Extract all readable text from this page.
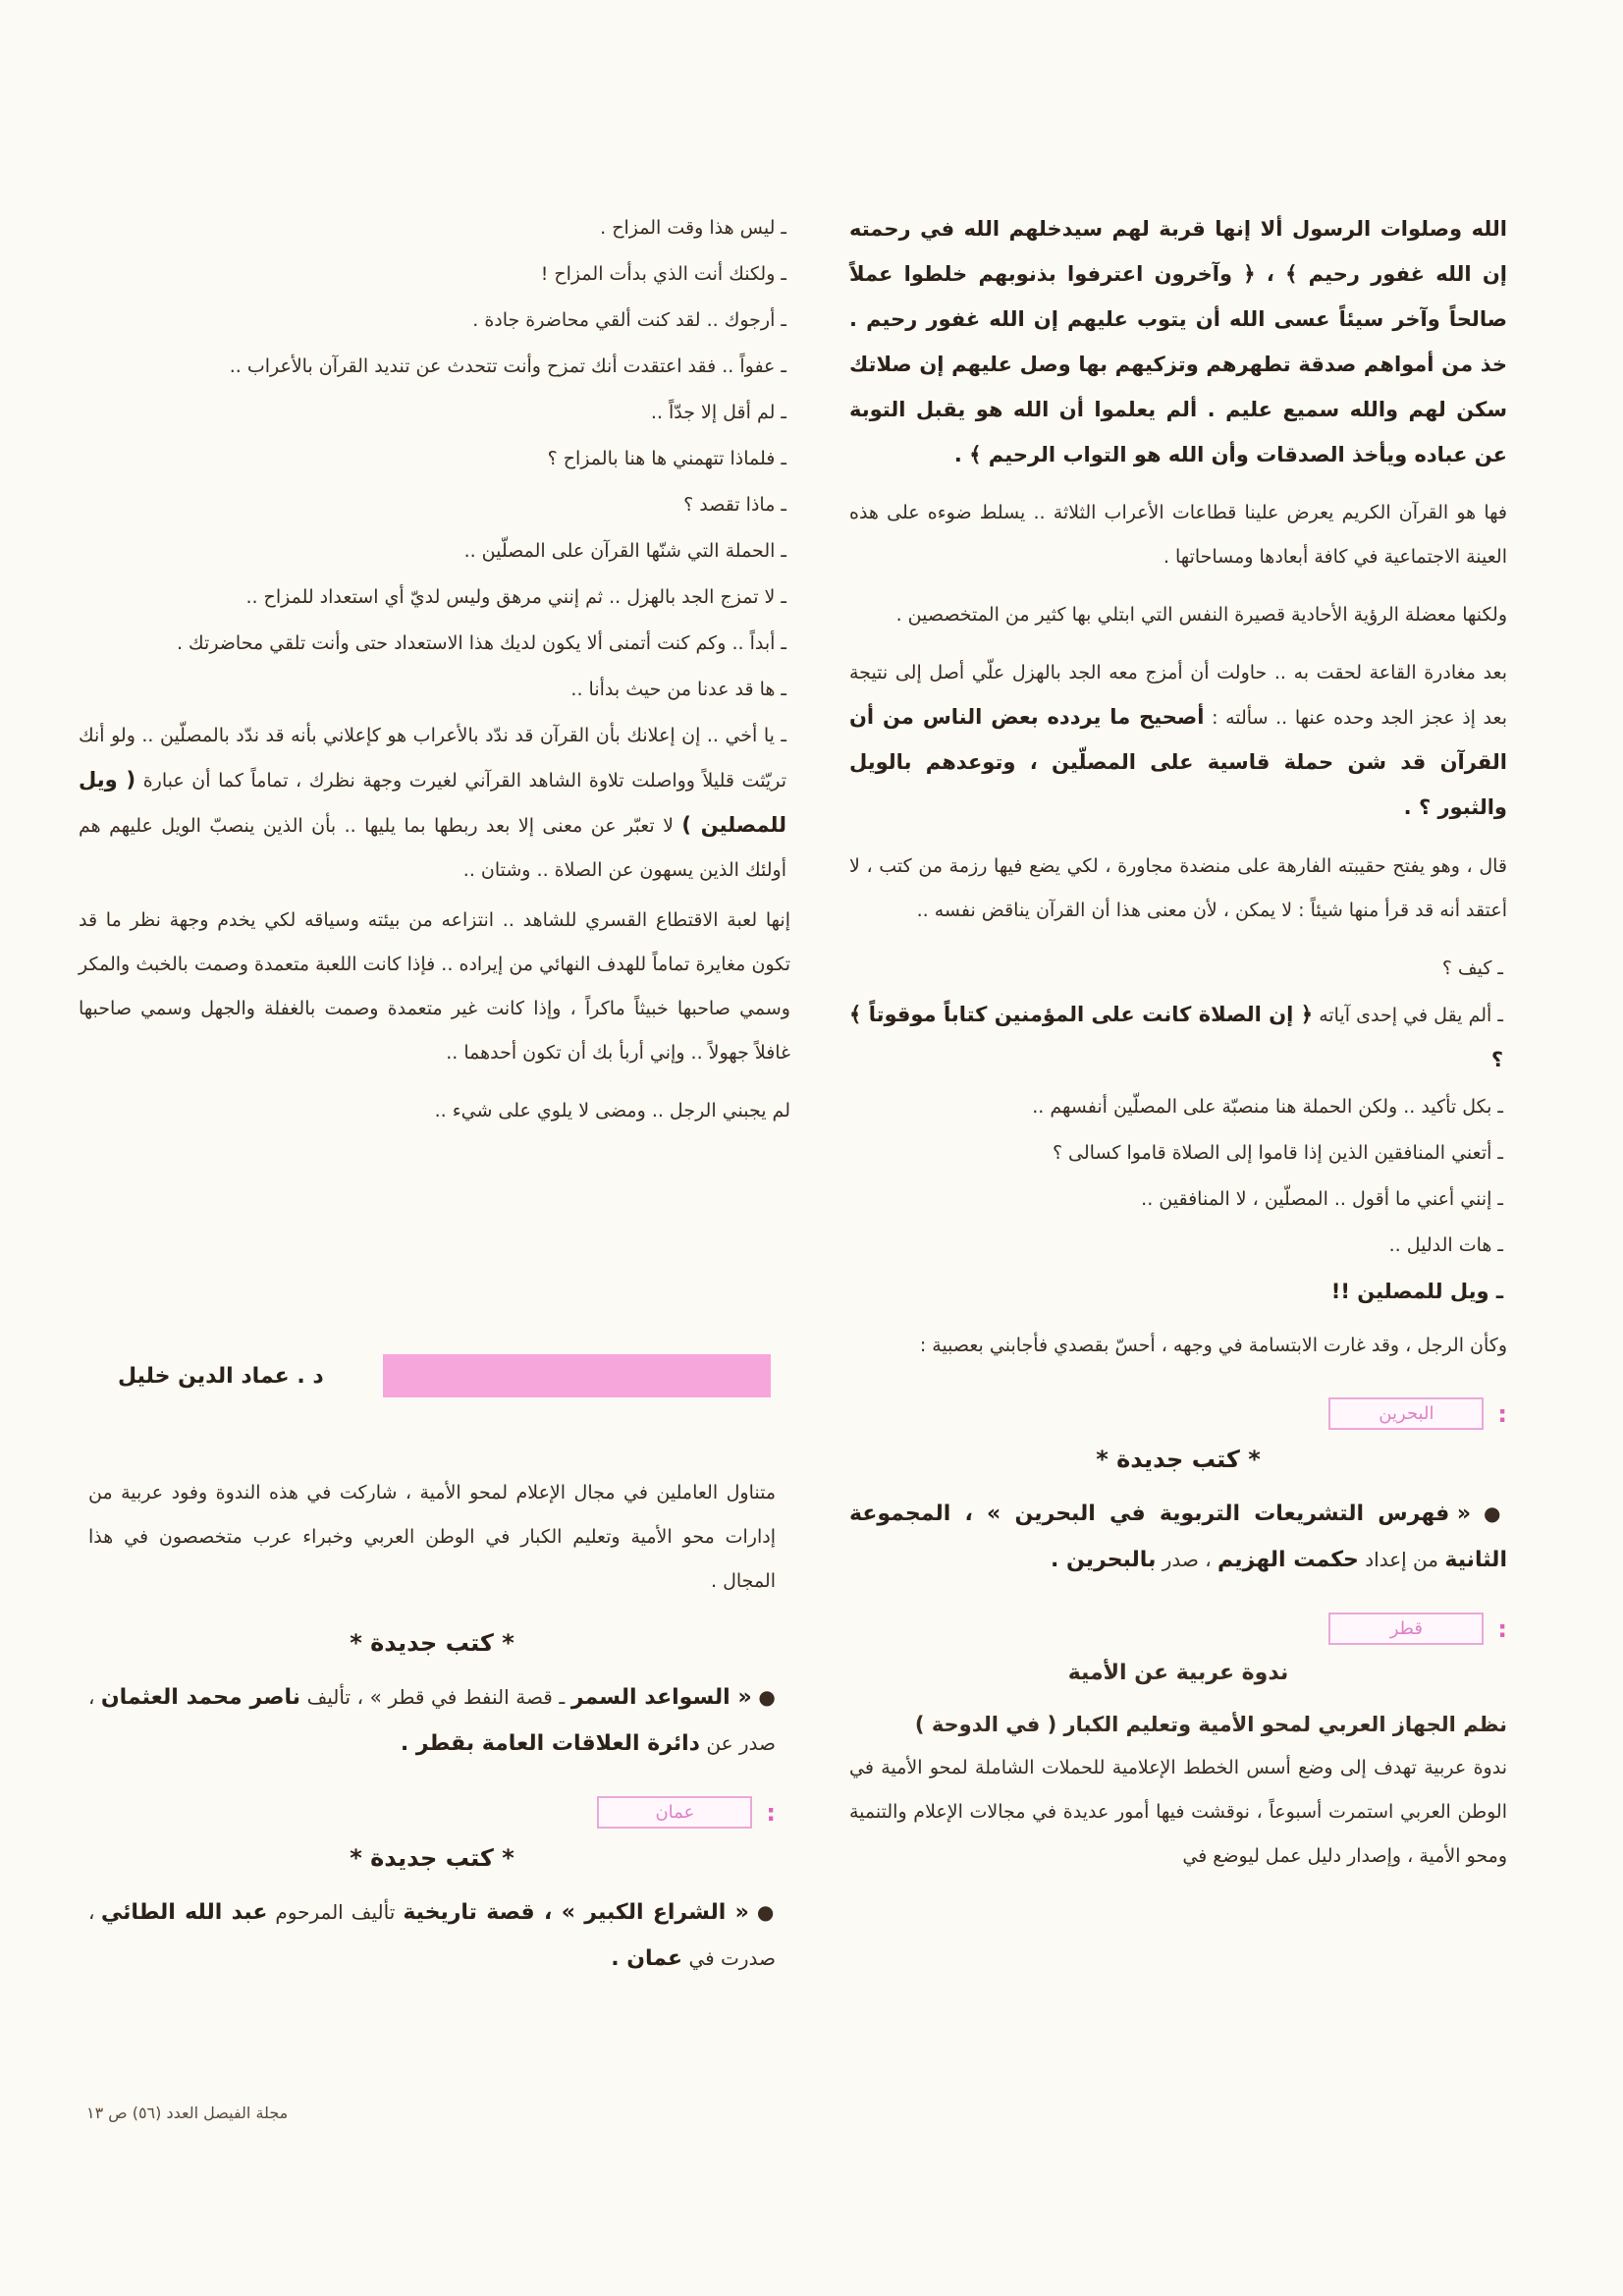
الله وصلوات الرسول ألا إنها قربة لهم سيدخلهم الله في رحمته إن الله غفور رحيم ﴾ ، ﴿ وآخرون اعترفوا بذنوبهم خلطوا عملاً صالحاً وآخر سيئاً عسى الله أن يتوب عليهم إن الله غفور رحيم . خذ من أمواهم صدقة تطهرهم وتزكيهم بها وصل عليهم إن صلاتك سكن لهم والله سميع عليم . ألم يعلموا أن الله هو يقبل التوبة عن عباده ويأخذ الصدقات وأن الله هو التواب الرحيم ﴾ .

فها هو القرآن الكريم يعرض علينا قطاعات الأعراب الثلاثة .. يسلط ضوءه على هذه العينة الاجتماعية في كافة أبعادها ومساحاتها .

ولكنها معضلة الرؤية الأحادية قصيرة النفس التي ابتلي بها كثير من المتخصصين .

بعد مغادرة القاعة لحقت به .. حاولت أن أمزج معه الجد بالهزل علّي أصل إلى نتيجة بعد إذ عجز الجد وحده عنها .. سألته : أصحيح ما يردده بعض الناس من أن القرآن قد شن حملة قاسية على المصلّين ، وتوعدهم بالويل والثبور ؟ .

قال ، وهو يفتح حقيبته الفارهة على منضدة مجاورة ، لكي يضع فيها رزمة من كتب ، لا أعتقد أنه قد قرأ منها شيئاً : لا يمكن ، لأن معنى هذا أن القرآن يناقض نفسه ..

ـ كيف ؟

ـ ألم يقل في إحدى آياته ﴿ إن الصلاة كانت على المؤمنين كتاباً موقوتاً ﴾ ؟

ـ بكل تأكيد .. ولكن الحملة هنا منصبّة على المصلّين أنفسهم ..

ـ أتعني المنافقين الذين إذا قاموا إلى الصلاة قاموا كسالى ؟

ـ إنني أعني ما أقول .. المصلّين ، لا المنافقين ..

ـ هات الدليل ..

ـ ويل للمصلين !!

وكأن الرجل ، وقد غارت الابتسامة في وجهه ، أحسّ بقصدي فأجابني بعصبية :

البحرين	:
* كتب جديدة *

● « فهرس التشريعات التربوية في البحرين » ، المجموعة الثانية من إعداد حكمت الهزيم ، صدر بالبحرين .

قطر	:
ندوة عربية عن الأمية

نظم الجهاز العربي لمحو الأمية وتعليم الكبار ( في الدوحة )

ندوة عربية تهدف إلى وضع أسس الخطط الإعلامية للحملات الشاملة لمحو الأمية في الوطن العربي استمرت أسبوعاً ، نوقشت فيها أمور عديدة في مجالات الإعلام والتنمية ومحو الأمية ، وإصدار دليل عمل ليوضع في

ـ ليس هذا وقت المزاح .

ـ ولكنك أنت الذي بدأت المزاح !

ـ أرجوك .. لقد كنت ألقي محاضرة جادة .

ـ عفواً .. فقد اعتقدت أنك تمزح وأنت تتحدث عن تنديد القرآن بالأعراب ..

ـ لم أقل إلا جدّاً ..

ـ فلماذا تتهمني ها هنا بالمزاح ؟

ـ ماذا تقصد ؟

ـ الحملة التي شنّها القرآن على المصلّين ..

ـ لا تمزج الجد بالهزل .. ثم إنني مرهق وليس لديّ أي استعداد للمزاح ..

ـ أبداً .. وكم كنت أتمنى ألا يكون لديك هذا الاستعداد حتى وأنت تلقي محاضرتك .

ـ ها قد عدنا من حيث بدأنا ..

ـ يا أخي .. إن إعلانك بأن القرآن قد ندّد بالأعراب هو كإعلاني بأنه قد ندّد بالمصلّين .. ولو أنك تريّثت قليلاً وواصلت تلاوة الشاهد القرآني لغيرت وجهة نظرك ، تماماً كما أن عبارة ( ويل للمصلين ) لا تعبّر عن معنى إلا بعد ربطها بما يليها .. بأن الذين ينصبّ الويل عليهم هم أولئك الذين يسهون عن الصلاة .. وشتان ..

إنها لعبة الاقتطاع القسري للشاهد .. انتزاعه من بيئته وسياقه لكي يخدم وجهة نظر ما قد تكون مغايرة تماماً للهدف النهائي من إيراده .. فإذا كانت اللعبة متعمدة وصمت بالخبث والمكر وسمي صاحبها خبيثاً ماكراً ، وإذا كانت غير متعمدة وصمت بالغفلة والجهل وسمي صاحبها غافلاً جهولاً .. وإني أربأ بك أن تكون أحدهما ..

لم يجبني الرجل .. ومضى لا يلوي على شيء ..

د . عماد الدين خليل

متناول العاملين في مجال الإعلام لمحو الأمية ، شاركت في هذه الندوة وفود عربية من إدارات محو الأمية وتعليم الكبار في الوطن العربي وخبراء عرب متخصصون في هذا المجال .

* كتب جديدة *

● « السواعد السمر ـ قصة النفط في قطر » ، تأليف ناصر محمد العثمان ، صدر عن دائرة العلاقات العامة بقطر .

عمان	:
* كتب جديدة *

● « الشراع الكبير » ، قصة تاريخية تأليف المرحوم عبد الله الطائي ، صدرت في عمان .

مجلة الفيصل العدد (٥٦) ص ١٣
